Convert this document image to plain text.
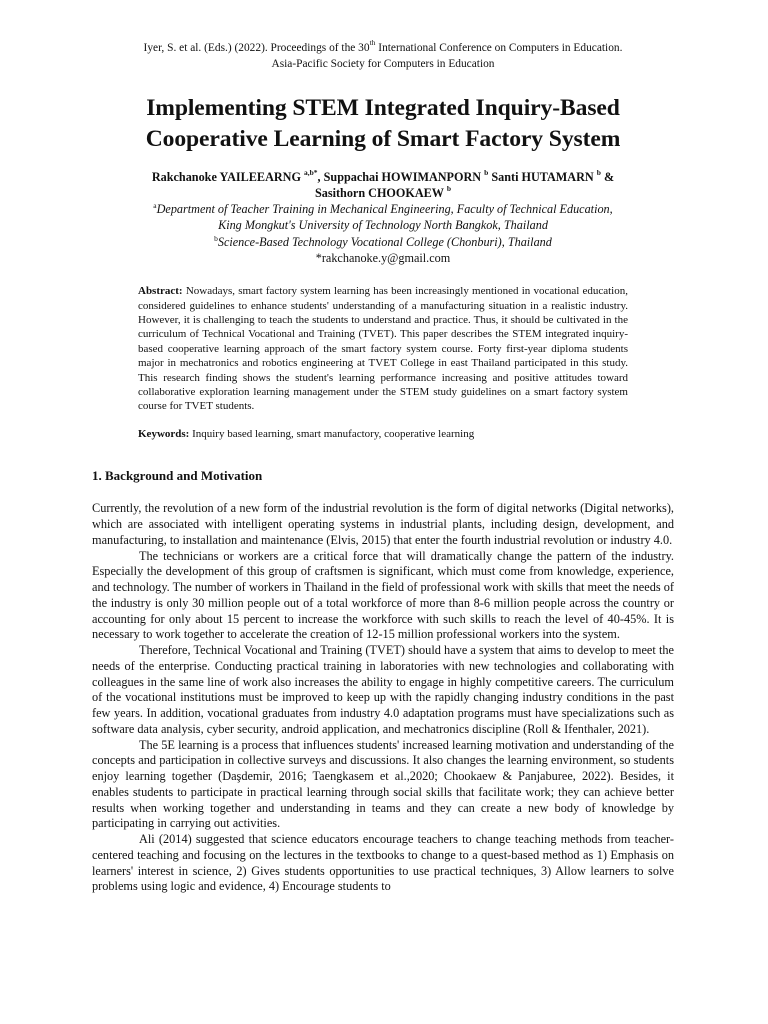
Iyer, S. et al. (Eds.) (2022). Proceedings of the 30th International Conference on Computers in Education.
Asia-Pacific Society for Computers in Education
Implementing STEM Integrated Inquiry-Based
Cooperative Learning of Smart Factory System
Rakchanoke YAILEEARNG $^{a,b*}$, Suppachai HOWIMANPORN $^b$ Santi HUTAMARN $^b$ &
Sasithorn CHOOKAEW $^b$
$^a$Department of Teacher Training in Mechanical Engineering, Faculty of Technical Education,
King Mongkut's University of Technology North Bangkok, Thailand
$^b$Science-Based Technology Vocational College (Chonburi), Thailand
*rakchanoke.y@gmail.com
Abstract: Nowadays, smart factory system learning has been increasingly mentioned in vocational education, considered guidelines to enhance students' understanding of a manufacturing situation in a realistic industry. However, it is challenging to teach the students to understand and practice. Thus, it should be cultivated in the curriculum of Technical Vocational and Training (TVET). This paper describes the STEM integrated inquiry-based cooperative learning approach of the smart factory system course. Forty first-year diploma students major in mechatronics and robotics engineering at TVET College in east Thailand participated in this study. This research finding shows the student's learning performance increasing and positive attitudes toward collaborative exploration learning management under the STEM study guidelines on a smart factory system course for TVET students.
Keywords: Inquiry based learning, smart manufactory, cooperative learning
1. Background and Motivation

Currently, the revolution of a new form of the industrial revolution is the form of digital networks (Digital networks), which are associated with intelligent operating systems in industrial plants, including design, development, and manufacturing, to installation and maintenance (Elvis, 2015) that enter the fourth industrial revolution or industry 4.0.

The technicians or workers are a critical force that will dramatically change the pattern of the industry. Especially the development of this group of craftsmen is significant, which must come from knowledge, experience, and technology. The number of workers in Thailand in the field of professional work with skills that meet the needs of the industry is only 30 million people out of a total workforce of more than 8-6 million people across the country or accounting for only about 15 percent to increase the workforce with such skills to reach the level of 40-45%. It is necessary to work together to accelerate the creation of 12-15 million professional workers into the system.

Therefore, Technical Vocational and Training (TVET) should have a system that aims to develop to meet the needs of the enterprise. Conducting practical training in laboratories with new technologies and collaborating with colleagues in the same line of work also increases the ability to engage in highly competitive careers. The curriculum of the vocational institutions must be improved to keep up with the rapidly changing industry conditions in the past few years. In addition, vocational graduates from industry 4.0 adaptation programs must have specializations such as software data analysis, cyber security, android application, and mechatronics discipline (Roll & Ifenthaler, 2021).

The 5E learning is a process that influences students' increased learning motivation and understanding of the concepts and participation in collective surveys and discussions. It also changes the learning environment, so students enjoy learning together (Daşdemir, 2016; Taengkasem et al.,2020; Chookaew & Panjaburee, 2022). Besides, it enables students to participate in practical learning through social skills that facilitate work; they can achieve better results when working together and understanding in teams and they can create a new body of knowledge by participating in carrying out activities.

Ali (2014) suggested that science educators encourage teachers to change teaching methods from teacher-centered teaching and focusing on the lectures in the textbooks to change to a quest-based method as 1) Emphasis on learners' interest in science, 2) Gives students opportunities to use practical techniques, 3) Allow learners to solve problems using logic and evidence, 4) Encourage students to
